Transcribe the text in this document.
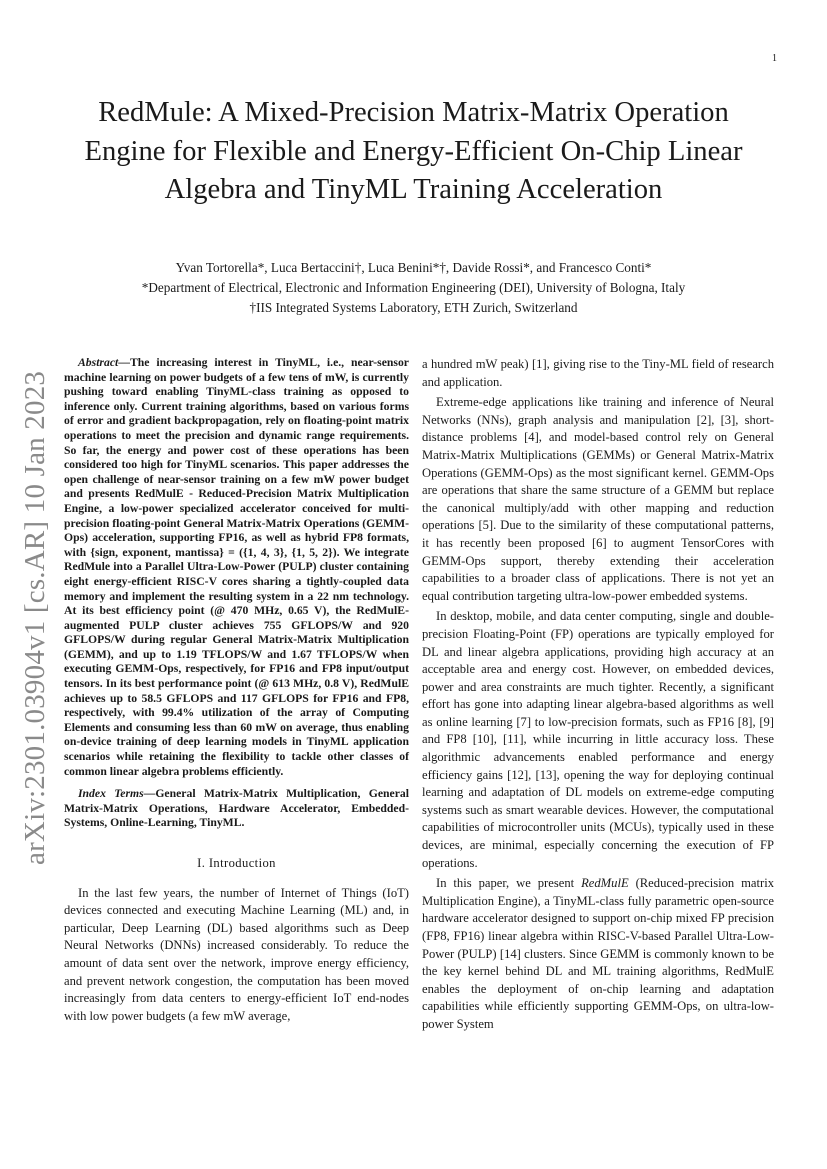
1
arXiv:2301.03904v1 [cs.AR] 10 Jan 2023
RedMule: A Mixed-Precision Matrix-Matrix Operation Engine for Flexible and Energy-Efficient On-Chip Linear Algebra and TinyML Training Acceleration
Yvan Tortorella*, Luca Bertaccini†, Luca Benini*†, Davide Rossi*, and Francesco Conti*
*Department of Electrical, Electronic and Information Engineering (DEI), University of Bologna, Italy
†IIS Integrated Systems Laboratory, ETH Zurich, Switzerland

Abstract—The increasing interest in TinyML, i.e., near-sensor machine learning on power budgets of a few tens of mW, is currently pushing toward enabling TinyML-class training as opposed to inference only. Current training algorithms, based on various forms of error and gradient backpropagation, rely on floating-point matrix operations to meet the precision and dynamic range requirements. So far, the energy and power cost of these operations has been considered too high for TinyML scenarios. This paper addresses the open challenge of near-sensor training on a few mW power budget and presents RedMulE - Reduced-Precision Matrix Multiplication Engine, a low-power specialized accelerator conceived for multi-precision floating-point General Matrix-Matrix Operations (GEMM-Ops) acceleration, supporting FP16, as well as hybrid FP8 formats, with {sign, exponent, mantissa} = ({1, 4, 3}, {1, 5, 2}). We integrate RedMule into a Parallel Ultra-Low-Power (PULP) cluster containing eight energy-efficient RISC-V cores sharing a tightly-coupled data memory and implement the resulting system in a 22 nm technology. At its best efficiency point (@ 470 MHz, 0.65 V), the RedMulE-augmented PULP cluster achieves 755 GFLOPS/W and 920 GFLOPS/W during regular General Matrix-Matrix Multiplication (GEMM), and up to 1.19 TFLOPS/W and 1.67 TFLOPS/W when executing GEMM-Ops, respectively, for FP16 and FP8 input/output tensors. In its best performance point (@ 613 MHz, 0.8 V), RedMulE achieves up to 58.5 GFLOPS and 117 GFLOPS for FP16 and FP8, respectively, with 99.4% utilization of the array of Computing Elements and consuming less than 60 mW on average, thus enabling on-device training of deep learning models in TinyML application scenarios while retaining the flexibility to tackle other classes of common linear algebra problems efficiently.

Index Terms—General Matrix-Matrix Multiplication, General Matrix-Matrix Operations, Hardware Accelerator, Embedded-Systems, Online-Learning, TinyML.

I. Introduction

In the last few years, the number of Internet of Things (IoT) devices connected and executing Machine Learning (ML) and, in particular, Deep Learning (DL) based algorithms such as Deep Neural Networks (DNNs) increased considerably. To reduce the amount of data sent over the network, improve energy efficiency, and prevent network congestion, the computation has been moved increasingly from data centers to energy-efficient IoT end-nodes with low power budgets (a few mW average,

a hundred mW peak) [1], giving rise to the Tiny-ML field of research and application.

Extreme-edge applications like training and inference of Neural Networks (NNs), graph analysis and manipulation [2], [3], short-distance problems [4], and model-based control rely on General Matrix-Matrix Multiplications (GEMMs) or General Matrix-Matrix Operations (GEMM-Ops) as the most significant kernel. GEMM-Ops are operations that share the same structure of a GEMM but replace the canonical multiply/add with other mapping and reduction operations [5]. Due to the similarity of these computational patterns, it has recently been proposed [6] to augment TensorCores with GEMM-Ops support, thereby extending their acceleration capabilities to a broader class of applications. There is not yet an equal contribution targeting ultra-low-power embedded systems.

In desktop, mobile, and data center computing, single and double-precision Floating-Point (FP) operations are typically employed for DL and linear algebra applications, providing high accuracy at an acceptable area and energy cost. However, on embedded devices, power and area constraints are much tighter. Recently, a significant effort has gone into adapting linear algebra-based algorithms as well as online learning [7] to low-precision formats, such as FP16 [8], [9] and FP8 [10], [11], while incurring in little accuracy loss. These algorithmic advancements enabled performance and energy efficiency gains [12], [13], opening the way for deploying continual learning and adaptation of DL models on extreme-edge computing systems such as smart wearable devices. However, the computational capabilities of microcontroller units (MCUs), typically used in these devices, are minimal, especially concerning the execution of FP operations.

In this paper, we present RedMulE (Reduced-precision matrix Multiplication Engine), a TinyML-class fully parametric open-source hardware accelerator designed to support on-chip mixed FP precision (FP8, FP16) linear algebra within RISC-V-based Parallel Ultra-Low-Power (PULP) [14] clusters. Since GEMM is commonly known to be the key kernel behind DL and ML training algorithms, RedMulE enables the deployment of on-chip learning and adaptation capabilities while efficiently supporting GEMM-Ops, on ultra-low-power System
